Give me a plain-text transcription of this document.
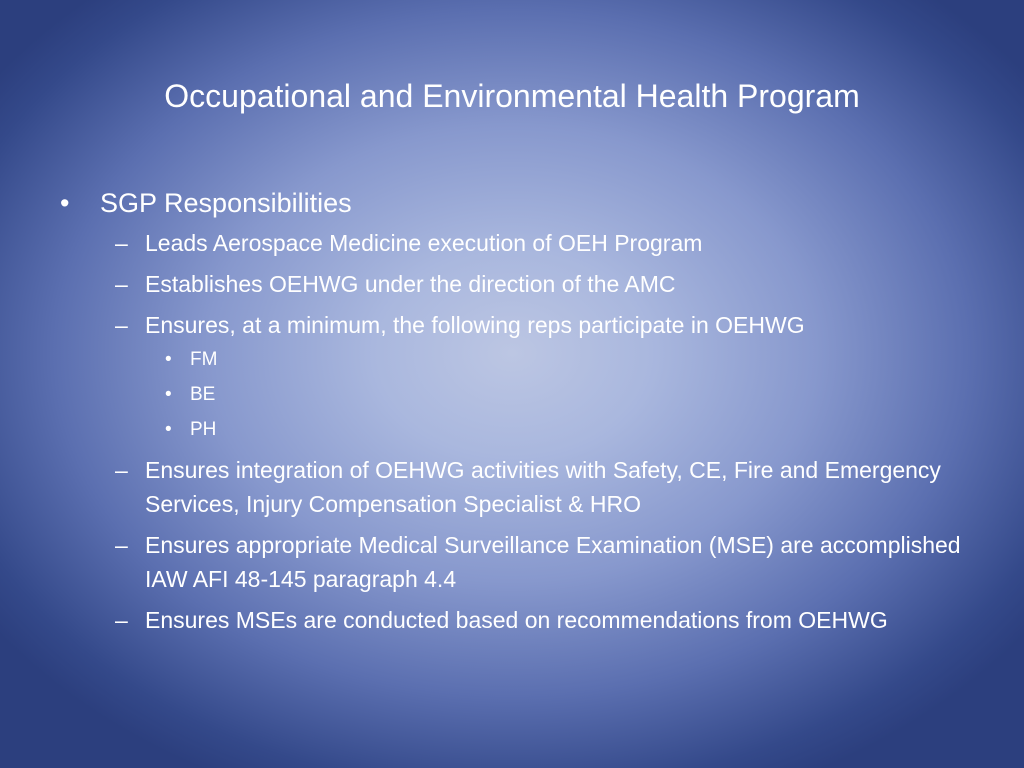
Occupational and Environmental Health Program
• SGP Responsibilities
– Leads Aerospace Medicine execution of OEH Program
– Establishes OEHWG under the direction of the AMC
– Ensures, at a minimum, the following reps participate in OEHWG
• FM
• BE
• PH
– Ensures integration of OEHWG activities with Safety, CE, Fire and Emergency Services, Injury Compensation Specialist & HRO
– Ensures appropriate Medical Surveillance Examination (MSE) are accomplished IAW AFI 48-145 paragraph 4.4
– Ensures MSEs are conducted based on recommendations from OEHWG
